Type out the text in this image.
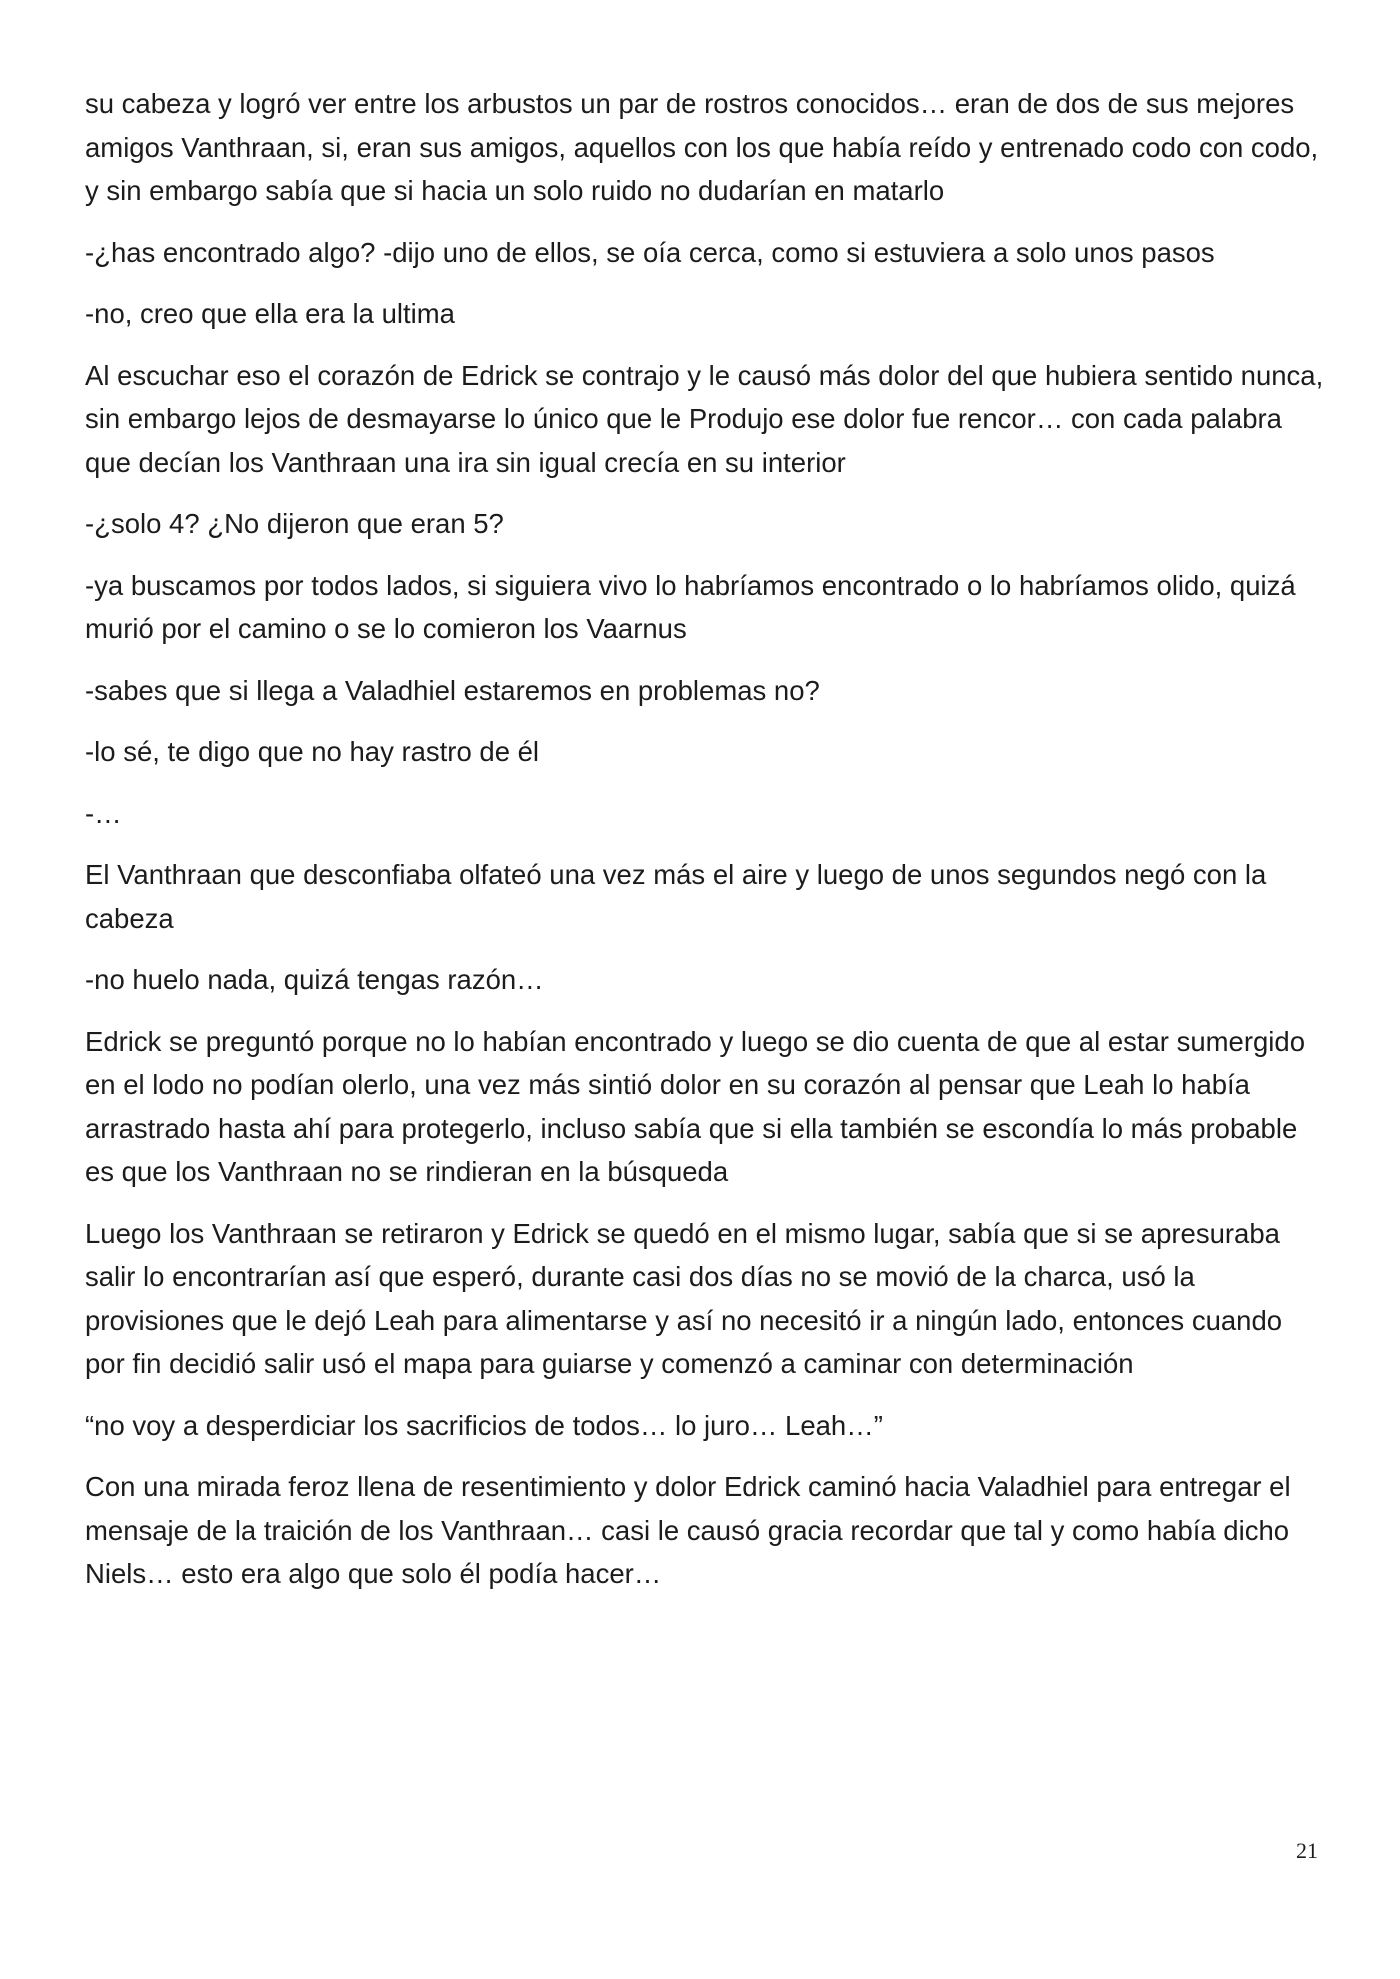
su cabeza y logró ver entre los arbustos un par de rostros conocidos… eran de dos de sus mejores amigos Vanthraan, si, eran sus amigos, aquellos con los que había reído y entrenado codo con codo, y sin embargo sabía que si hacia un solo ruido no dudarían en matarlo

-¿has encontrado algo? -dijo uno de ellos, se oía cerca, como si estuviera a solo unos pasos

-no, creo que ella era la ultima

Al escuchar eso el corazón de Edrick se contrajo y le causó más dolor del que hubiera sentido nunca, sin embargo lejos de desmayarse lo único que le Produjo ese dolor fue rencor… con cada palabra que decían los Vanthraan una ira sin igual crecía en su interior

-¿solo 4? ¿No dijeron que eran 5?

-ya buscamos por todos lados, si siguiera vivo lo habríamos encontrado o lo habríamos olido, quizá murió por el camino o se lo comieron los Vaarnus

-sabes que si llega a Valadhiel estaremos en problemas no?

-lo sé, te digo que no hay rastro de él

-…

El Vanthraan que desconfiaba olfateó una vez más el aire y luego de unos segundos negó con la cabeza

-no huelo nada, quizá tengas razón…

Edrick se preguntó porque no lo habían encontrado y luego se dio cuenta de que al estar sumergido en el lodo no podían olerlo, una vez más sintió dolor en su corazón al pensar que Leah lo había arrastrado hasta ahí para protegerlo, incluso sabía que si ella también se escondía lo más probable es que los Vanthraan no se rindieran en la búsqueda

Luego los Vanthraan se retiraron y Edrick se quedó en el mismo lugar, sabía que si se apresuraba salir lo encontrarían así que esperó, durante casi dos días no se movió de la charca, usó la provisiones que le dejó Leah para alimentarse y así no necesitó ir a ningún lado, entonces cuando por fin decidió salir usó el mapa para guiarse y comenzó a caminar con determinación

“no voy a desperdiciar los sacrificios de todos… lo juro… Leah…”

Con una mirada feroz llena de resentimiento y dolor Edrick caminó hacia Valadhiel para entregar el mensaje de la traición de los Vanthraan… casi le causó gracia recordar que tal y como había dicho Niels… esto era algo que solo él podía hacer…

21
